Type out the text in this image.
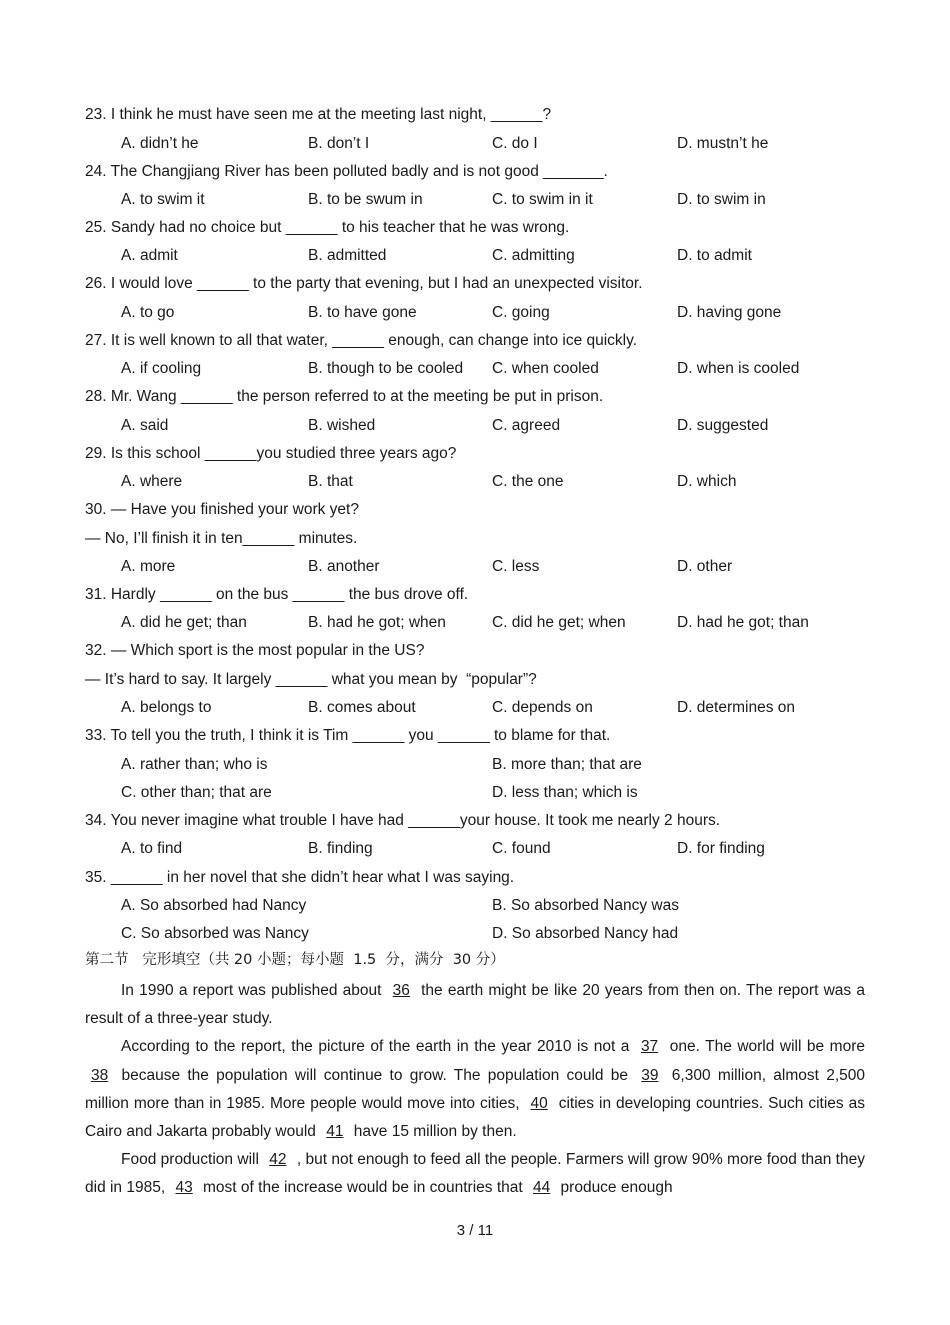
23. I think he must have seen me at the meeting last night, ______?
A. didn’t he	B. don’t I	C. do I	D. mustn’t he
24. The Changjiang River has been polluted badly and is not good _______.
A. to swim it	B. to be swum in	C. to swim in it	D. to swim in
25. Sandy had no choice but ______ to his teacher that he was wrong.
A. admit	B. admitted	C. admitting	D. to admit
26. I would love ______ to the party that evening, but I had an unexpected visitor.
A. to go	B. to have gone	C. going	D. having gone
27. It is well known to all that water, ______ enough, can change into ice quickly.
A. if cooling	B. though to be cooled C. when cooled	D. when is cooled
28. Mr. Wang ______ the person referred to at the meeting be put in prison.
A. said	B. wished	C. agreed	D. suggested
29. Is this school ______you studied three years ago?
A. where	B. that	C. the one	D. which
30. — Have you finished your work yet?
— No, I’ll finish it in ten______ minutes.
A. more	B. another	C. less	D. other
31. Hardly ______ on the bus ______ the bus drove off.
A. did he get; than	B. had he got; when	C. did he get; when	D. had he got; than
32. — Which sport is the most popular in the US?
— It’s hard to say. It largely ______ what you mean by  “popular”?
A. belongs to	B. comes about	C. depends on	D. determines on
33. To tell you the truth, I think it is Tim ______ you ______ to blame for that.
A. rather than; who is	B. more than; that are
C. other than; that are	D. less than; which is
34. You never imagine what trouble I have had ______your house. It took me nearly 2 hours.
A. to find	B. finding	C. found	D. for finding
35. ______ in her novel that she didn’t hear what I was saying.
A. So absorbed had Nancy	B. So absorbed Nancy was
C. So absorbed was Nancy	D. So absorbed Nancy had
第二节   完形填空（共 20 小题；每小题  1.5  分，满分  30 分）

In 1990 a report was published about 36 the earth might be like 20 years from then on. The report was a result of a three-year study.

According to the report, the picture of the earth in the year 2010 is not a 37 one. The world will be more 38 because the population will continue to grow. The population could be 39 6,300 million, almost 2,500 million more than in 1985. More people would move into cities, 40 cities in developing countries. Such cities as Cairo and Jakarta probably would 41 have 15 million by then.

Food production will 42 , but not enough to feed all the people. Farmers will grow 90% more food than they did in 1985, 43 most of the increase would be in countries that 44 produce enough

3 / 11
